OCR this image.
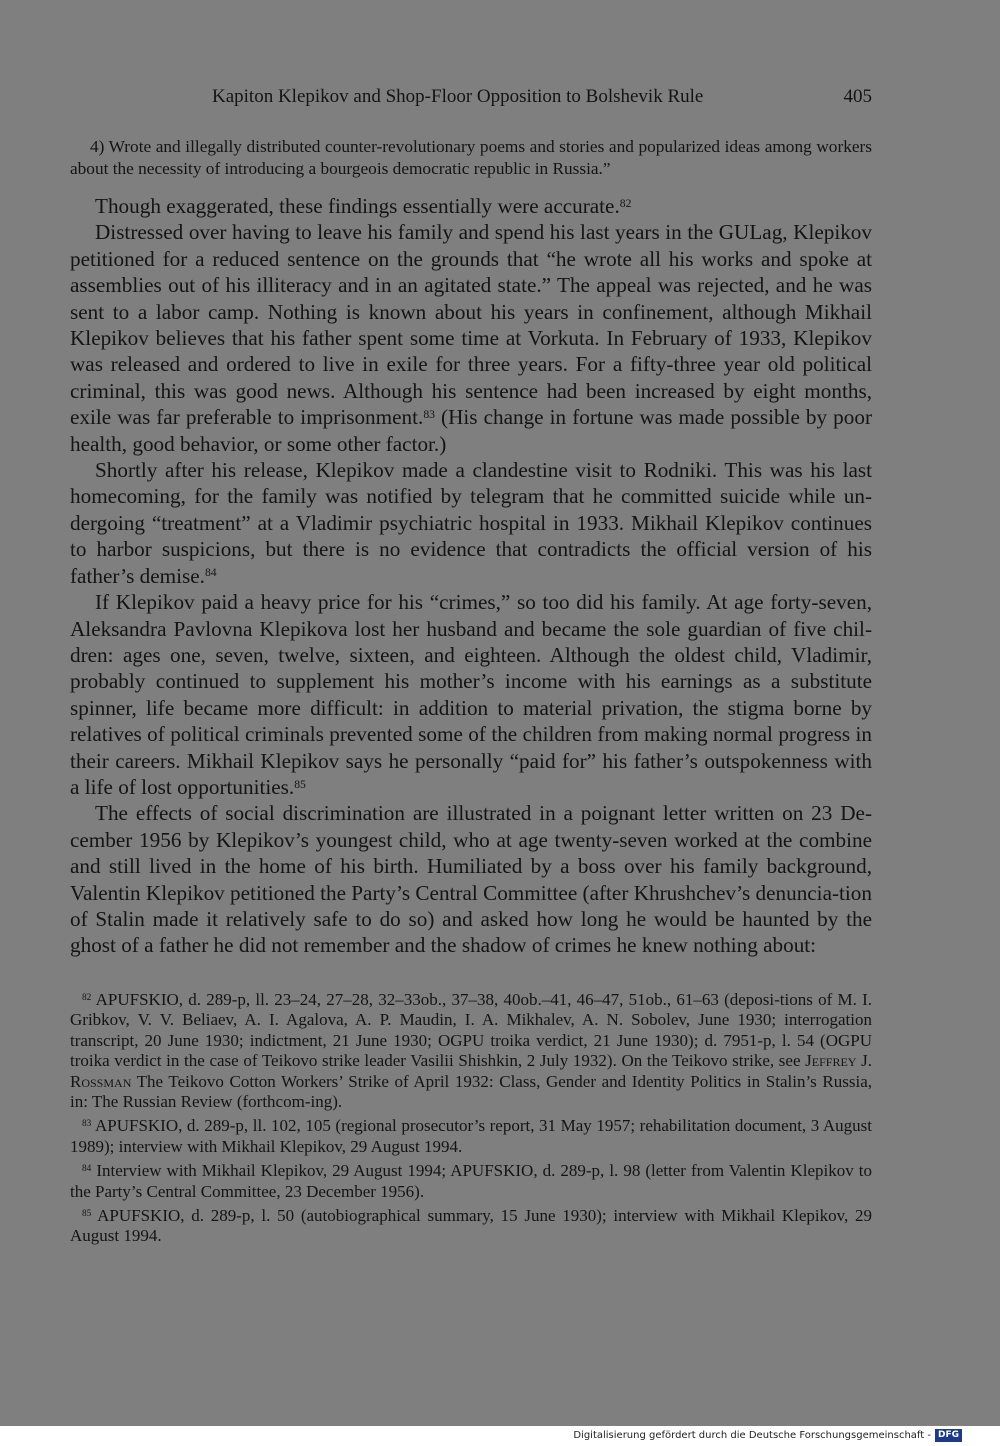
Kapiton Klepikov and Shop-Floor Opposition to Bolshevik Rule	405

4) Wrote and illegally distributed counter-revolutionary poems and stories and popularized ideas among workers about the necessity of introducing a bourgeois democratic republic in Russia.”

Though exaggerated, these findings essentially were accurate.$^{82}$

Distressed over having to leave his family and spend his last years in the GULag, Klepikov petitioned for a reduced sentence on the grounds that “he wrote all his works and spoke at assemblies out of his illiteracy and in an agitated state.” The appeal was rejected, and he was sent to a labor camp. Nothing is known about his years in confinement, although Mikhail Klepikov believes that his father spent some time at Vorkuta. In February of 1933, Klepikov was released and ordered to live in exile for three years. For a fifty-three year old political criminal, this was good news. Although his sentence had been increased by eight months, exile was far preferable to imprisonment.$^{83}$ (His change in fortune was made possible by poor health, good behavior, or some other factor.)

Shortly after his release, Klepikov made a clandestine visit to Rodniki. This was his last homecoming, for the family was notified by telegram that he committed suicide while un-dergoing “treatment” at a Vladimir psychiatric hospital in 1933. Mikhail Klepikov continues to harbor suspicions, but there is no evidence that contradicts the official version of his father’s demise.$^{84}$

If Klepikov paid a heavy price for his “crimes,” so too did his family. At age forty-seven, Aleksandra Pavlovna Klepikova lost her husband and became the sole guardian of five chil-dren: ages one, seven, twelve, sixteen, and eighteen. Although the oldest child, Vladimir, probably continued to supplement his mother’s income with his earnings as a substitute spinner, life became more difficult: in addition to material privation, the stigma borne by relatives of political criminals prevented some of the children from making normal progress in their careers. Mikhail Klepikov says he personally “paid for” his father’s outspokenness with a life of lost opportunities.$^{85}$

The effects of social discrimination are illustrated in a poignant letter written on 23 De-cember 1956 by Klepikov’s youngest child, who at age twenty-seven worked at the combine and still lived in the home of his birth. Humiliated by a boss over his family background, Valentin Klepikov petitioned the Party’s Central Committee (after Khrushchev’s denuncia-tion of Stalin made it relatively safe to do so) and asked how long he would be haunted by the ghost of a father he did not remember and the shadow of crimes he knew nothing about:

$^{82}$ APUFSKIO, d. 289-p, ll. 23–24, 27–28, 32–33ob., 37–38, 40ob.–41, 46–47, 51ob., 61–63 (deposi-tions of M. I. Gribkov, V. V. Beliaev, A. I. Agalova, A. P. Maudin, I. A. Mikhalev, A. N. Sobolev, June 1930; interrogation transcript, 20 June 1930; indictment, 21 June 1930; OGPU troika verdict, 21 June 1930); d. 7951-p, l. 54 (OGPU troika verdict in the case of Teikovo strike leader Vasilii Shishkin, 2 July 1932). On the Teikovo strike, see Jeffrey J. Rossman The Teikovo Cotton Workers’ Strike of April 1932: Class, Gender and Identity Politics in Stalin’s Russia, in: The Russian Review (forthcom-ing).

$^{83}$ APUFSKIO, d. 289-p, ll. 102, 105 (regional prosecutor’s report, 31 May 1957; rehabilitation document, 3 August 1989); interview with Mikhail Klepikov, 29 August 1994.

$^{84}$ Interview with Mikhail Klepikov, 29 August 1994; APUFSKIO, d. 289-p, l. 98 (letter from Valentin Klepikov to the Party’s Central Committee, 23 December 1956).

$^{85}$ APUFSKIO, d. 289-p, l. 50 (autobiographical summary, 15 June 1930); interview with Mikhail Klepikov, 29 August 1994.

Digitalisierung gefördert durch die Deutsche Forschungsgemeinschaft - DFG
